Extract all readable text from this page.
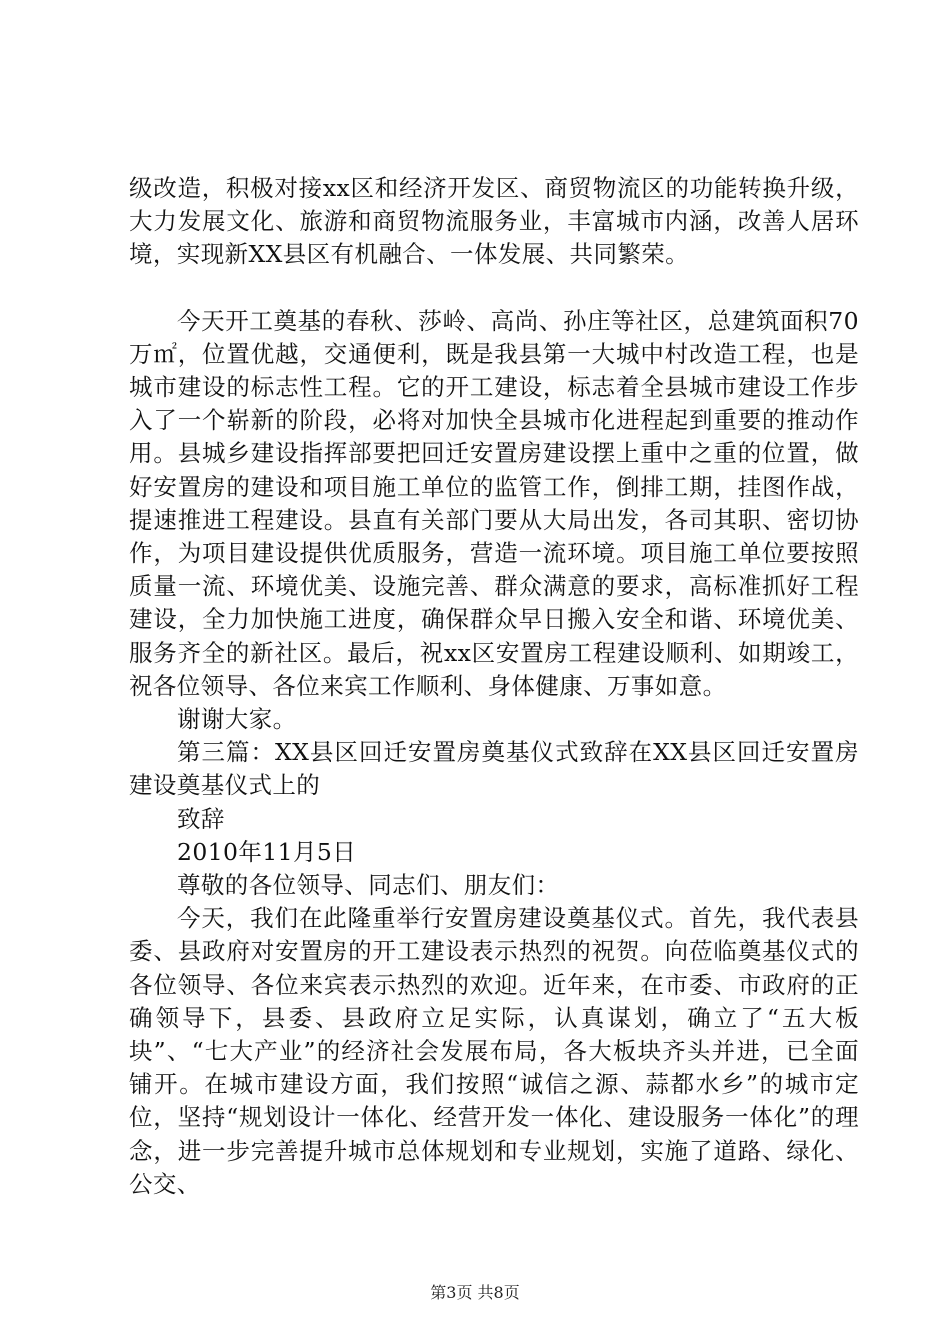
级改造，积极对接xx区和经济开发区、商贸物流区的功能转换升级，大力发展文化、旅游和商贸物流服务业，丰富城市内涵，改善人居环境，实现新XX县区有机融合、一体发展、共同繁荣。

今天开工奠基的春秋、莎岭、高尚、孙庄等社区，总建筑面积70万㎡，位置优越，交通便利，既是我县第一大城中村改造工程，也是城市建设的标志性工程。它的开工建设，标志着全县城市建设工作步入了一个崭新的阶段，必将对加快全县城市化进程起到重要的推动作用。县城乡建设指挥部要把回迁安置房建设摆上重中之重的位置，做好安置房的建设和项目施工单位的监管工作，倒排工期，挂图作战，提速推进工程建设。县直有关部门要从大局出发，各司其职、密切协作，为项目建设提供优质服务，营造一流环境。项目施工单位要按照质量一流、环境优美、设施完善、群众满意的要求，高标准抓好工程建设，全力加快施工进度，确保群众早日搬入安全和谐、环境优美、服务齐全的新社区。最后，祝xx区安置房工程建设顺利、如期竣工，祝各位领导、各位来宾工作顺利、身体健康、万事如意。

谢谢大家。

第三篇：XX县区回迁安置房奠基仪式致辞在XX县区回迁安置房建设奠基仪式上的

致辞

2010年11月5日

尊敬的各位领导、同志们、朋友们：

今天，我们在此隆重举行安置房建设奠基仪式。首先，我代表县委、县政府对安置房的开工建设表示热烈的祝贺。向莅临奠基仪式的各位领导、各位来宾表示热烈的欢迎。近年来，在市委、市政府的正确领导下，县委、县政府立足实际，认真谋划，确立了“五大板块”、“七大产业”的经济社会发展布局，各大板块齐头并进，已全面铺开。在城市建设方面，我们按照“诚信之源、蒜都水乡”的城市定位，坚持“规划设计一体化、经营开发一体化、建设服务一体化”的理念，进一步完善提升城市总体规划和专业规划，实施了道路、绿化、公交、

第3页 共8页
